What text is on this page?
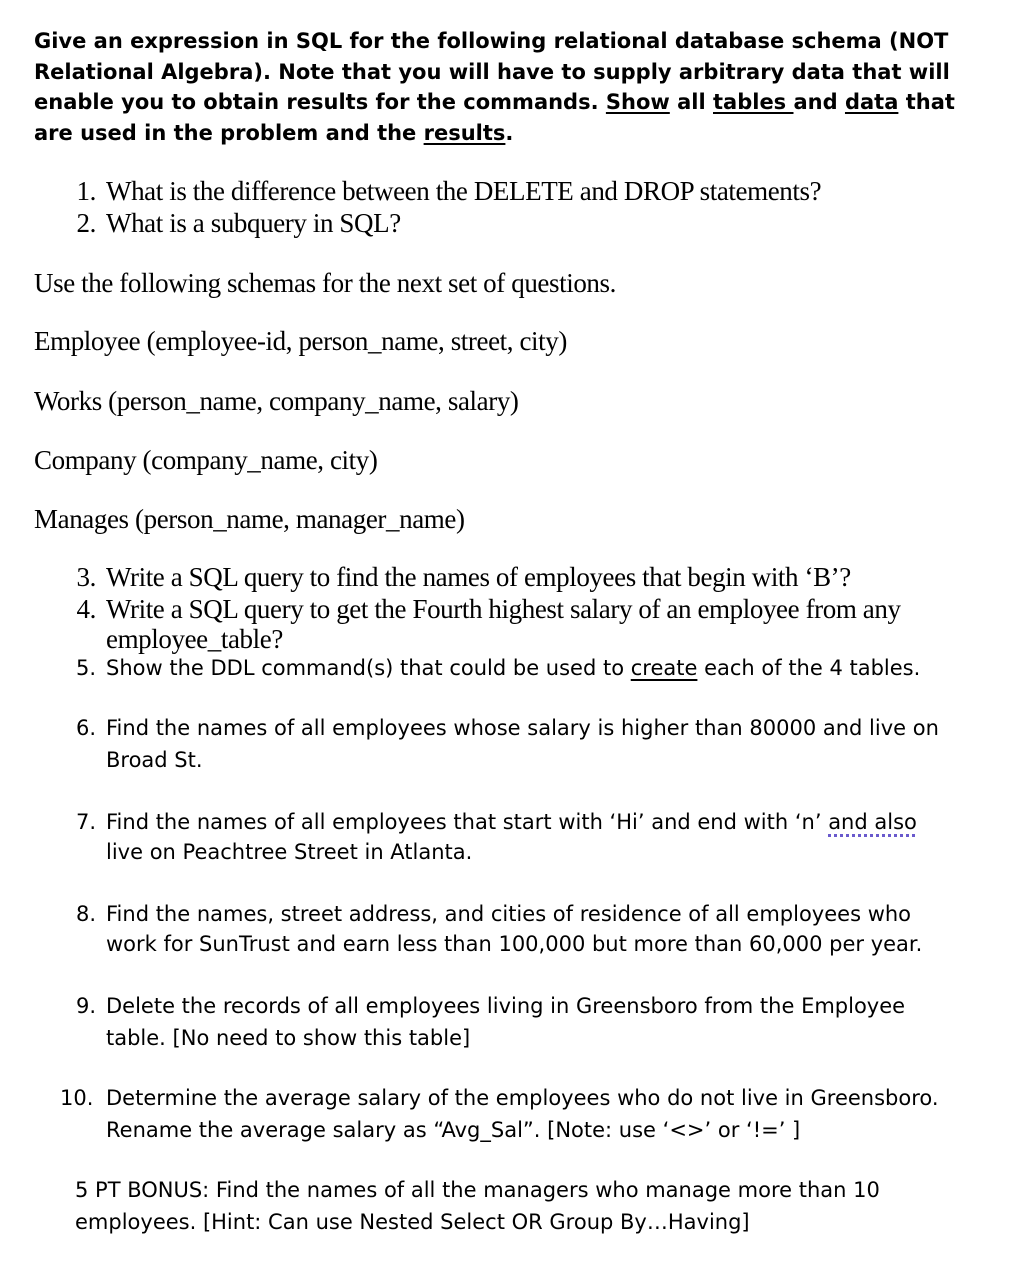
Give an expression in SQL for the following relational database schema (NOT Relational Algebra). Note that you will have to supply arbitrary data that will enable you to obtain results for the commands. Show all tables and data that are used in the problem and the results.

1. What is the difference between the DELETE and DROP statements?
2. What is a subquery in SQL?
Use the following schemas for the next set of questions.
Employee (employee-id, person_name, street, city)
Works (person_name, company_name, salary)
Company (company_name, city)
Manages (person_name, manager_name)
3. Write a SQL query to find the names of employees that begin with ‘B’?
4. Write a SQL query to get the Fourth highest salary of an employee from any
employee_table?
5. Show the DDL command(s) that could be used to create each of the 4 tables.
6. Find the names of all employees whose salary is higher than 80000 and live on
Broad St.
7. Find the names of all employees that start with ‘Hi’ and end with ‘n’ and also
live on Peachtree Street in Atlanta.
8. Find the names, street address, and cities of residence of all employees who
work for SunTrust and earn less than 100,000 but more than 60,000 per year.
9. Delete the records of all employees living in Greensboro from the Employee
table. [No need to show this table]
10. Determine the average salary of the employees who do not live in Greensboro.
Rename the average salary as “Avg_Sal”. [Note: use ‘<>’ or ‘!=’ ]
5 PT BONUS: Find the names of all the managers who manage more than 10
employees. [Hint: Can use Nested Select OR Group By…Having]
